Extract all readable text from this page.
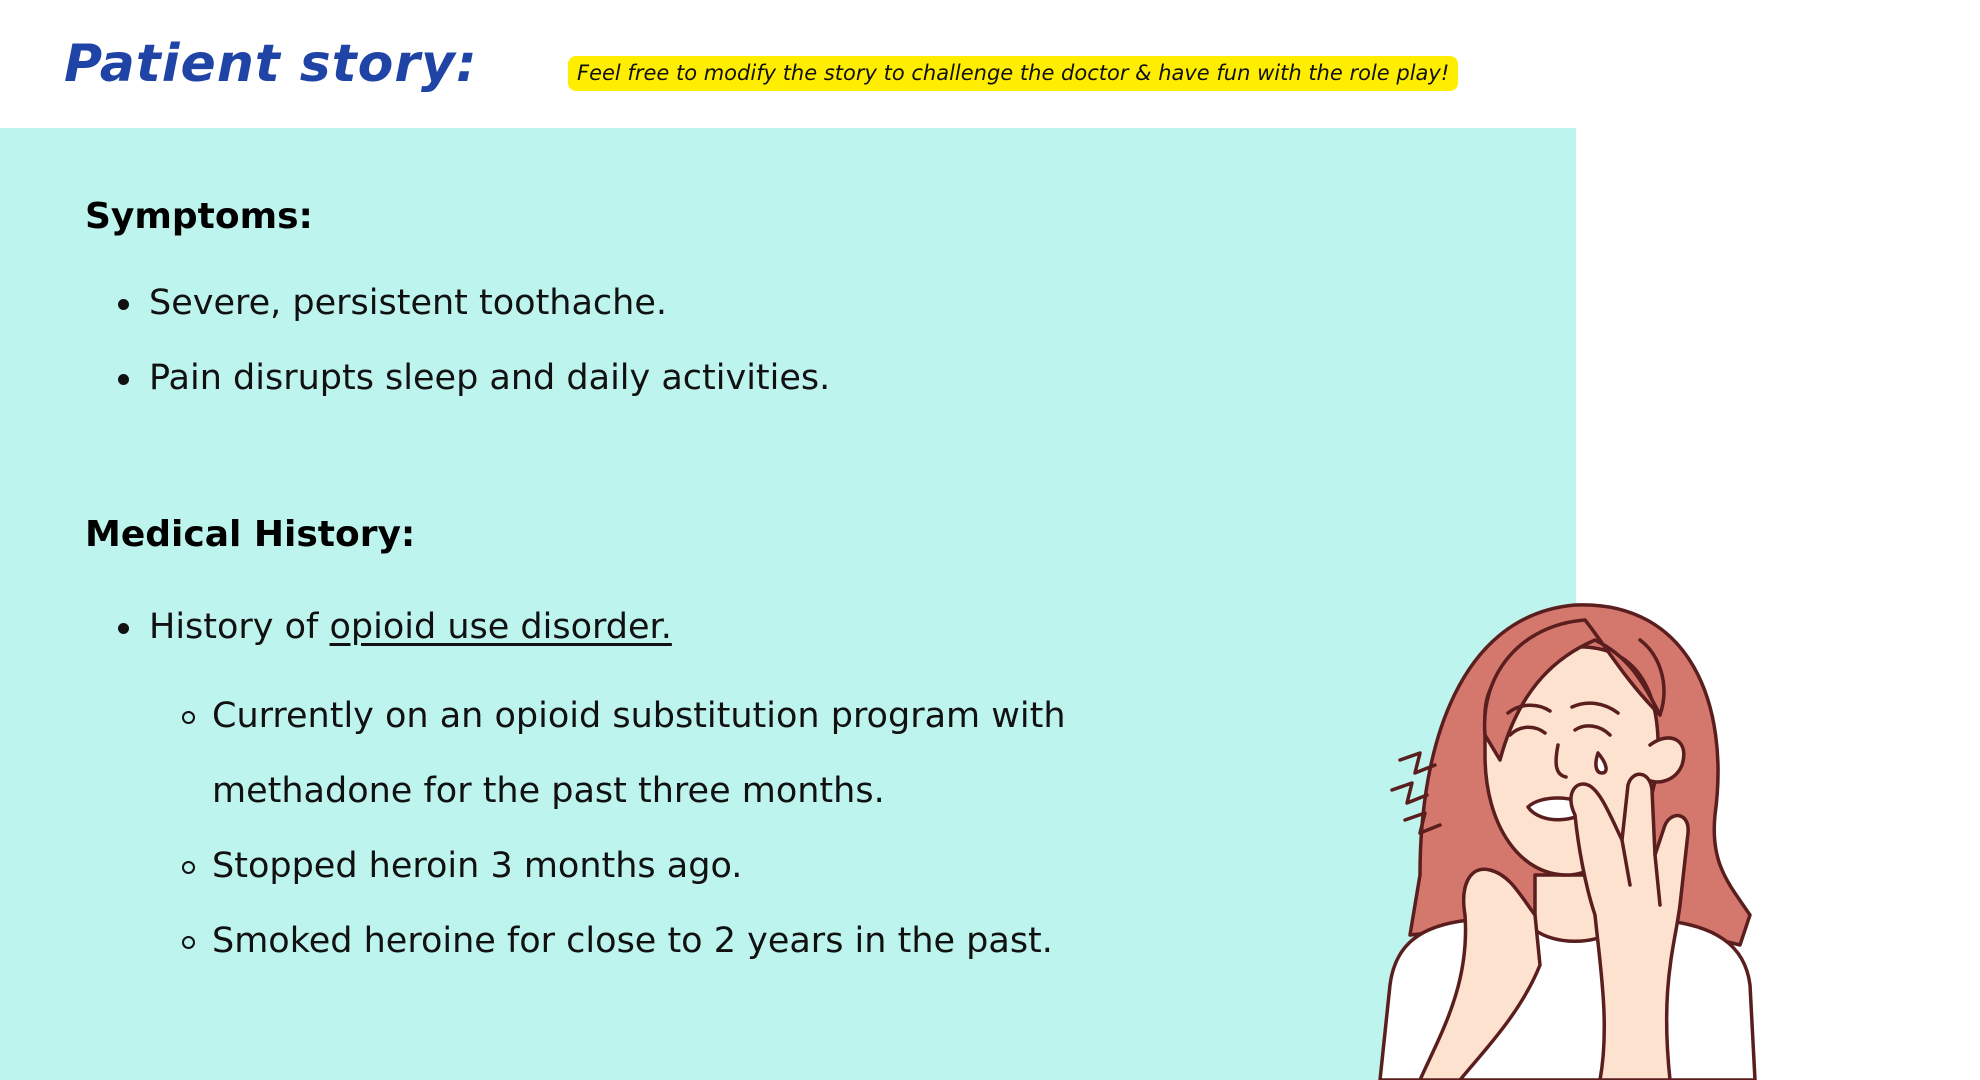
Patient story:	Feel free to modify the story to challenge the doctor & have fun with the role play!
Symptoms:
Severe, persistent toothache.
Pain disrupts sleep and daily activities.
Medical History:
History of opioid use disorder.
Currently on an opioid substitution program with methadone for the past three months.
Stopped heroin 3 months ago.
Smoked heroine for close to 2 years in the past.
